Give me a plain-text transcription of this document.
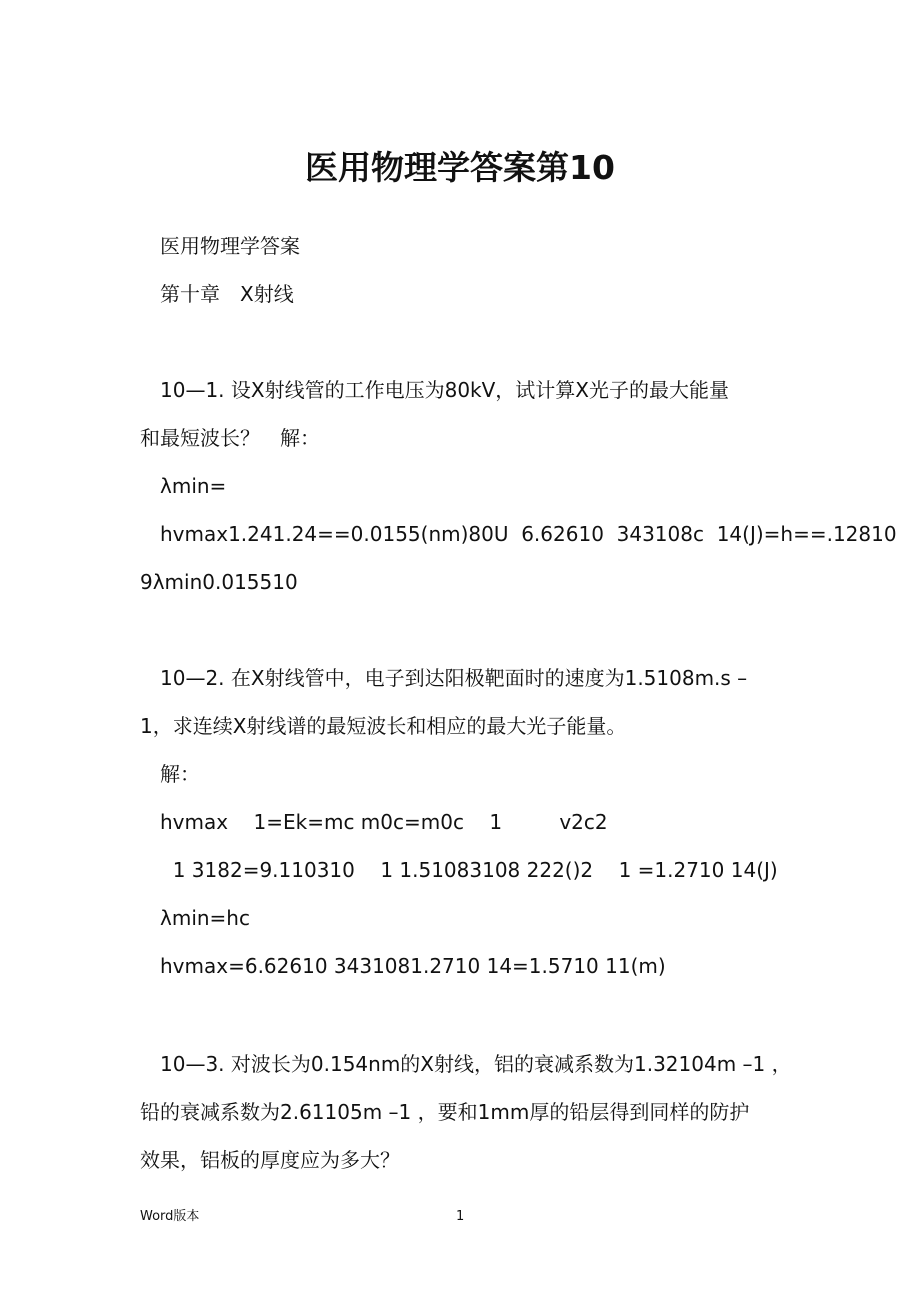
医用物理学答案第10
医用物理学答案
第十章　X射线
10—1. 设X射线管的工作电压为80kV，试计算X光子的最大能量
和最短波长？　解：
λmin=
hvmax1.241.24==0.0155(nm)80U  6.62610  343108c  14(J)=h==.12810
9λmin0.015510
10—2. 在X射线管中，电子到达阳极靶面时的速度为1.5108m.s –
1，求连续X射线谱的最短波长和相应的最大光子能量。
解：
hvmax    1=Ek=mc m0c=m0c    1         v2c2
1 3182=9.110310    1 1.51083108 222()2    1 =1.2710 14(J)
λmin=hc
hvmax=6.62610 3431081.2710 14=1.5710 11(m)
10—3. 对波长为0.154nm的X射线，铝的衰减系数为1.32104m –1 ，
铅的衰减系数为2.61105m –1 ，要和1mm厚的铅层得到同样的防护
效果，铝板的厚度应为多大？
Word版本	1
